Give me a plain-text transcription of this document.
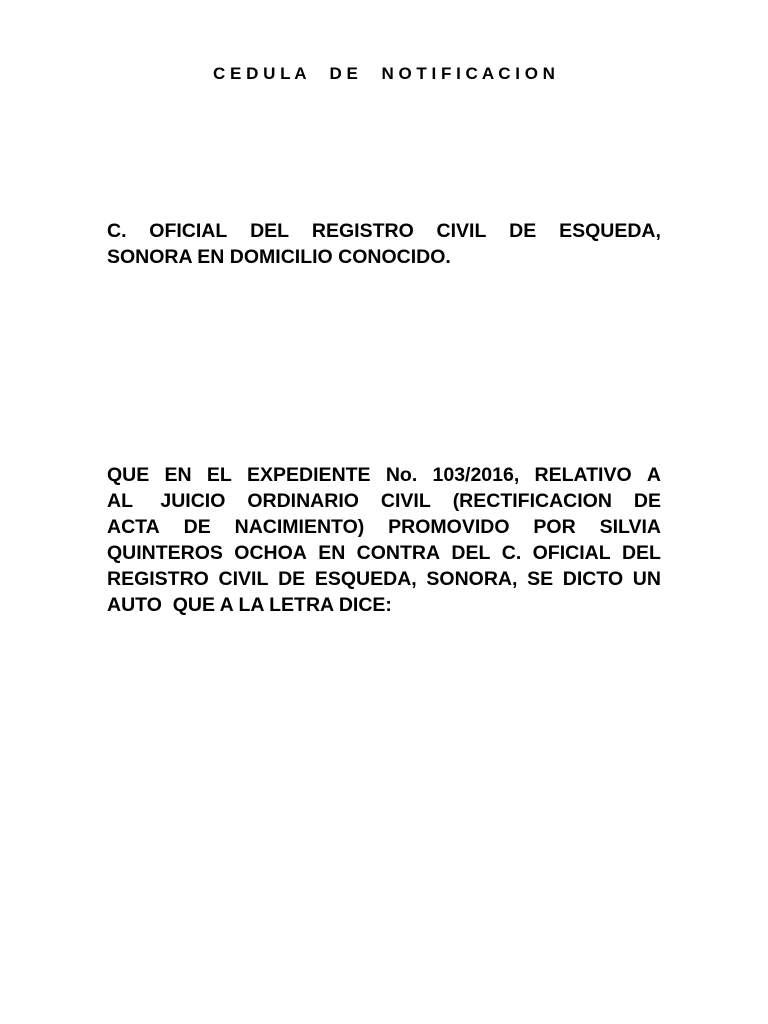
C E D U L A     D E     N O T I F I C A C I O N
C. OFICIAL DEL REGISTRO CIVIL DE ESQUEDA,
SONORA EN DOMICILIO CONOCIDO.
QUE EN EL EXPEDIENTE No. 103/2016, RELATIVO A
AL JUICIO ORDINARIO CIVIL (RECTIFICACION DE
ACTA DE NACIMIENTO) PROMOVIDO POR SILVIA
QUINTEROS OCHOA EN CONTRA DEL C. OFICIAL DEL
REGISTRO CIVIL DE ESQUEDA, SONORA, SE DICTO UN
AUTO  QUE A LA LETRA DICE:
